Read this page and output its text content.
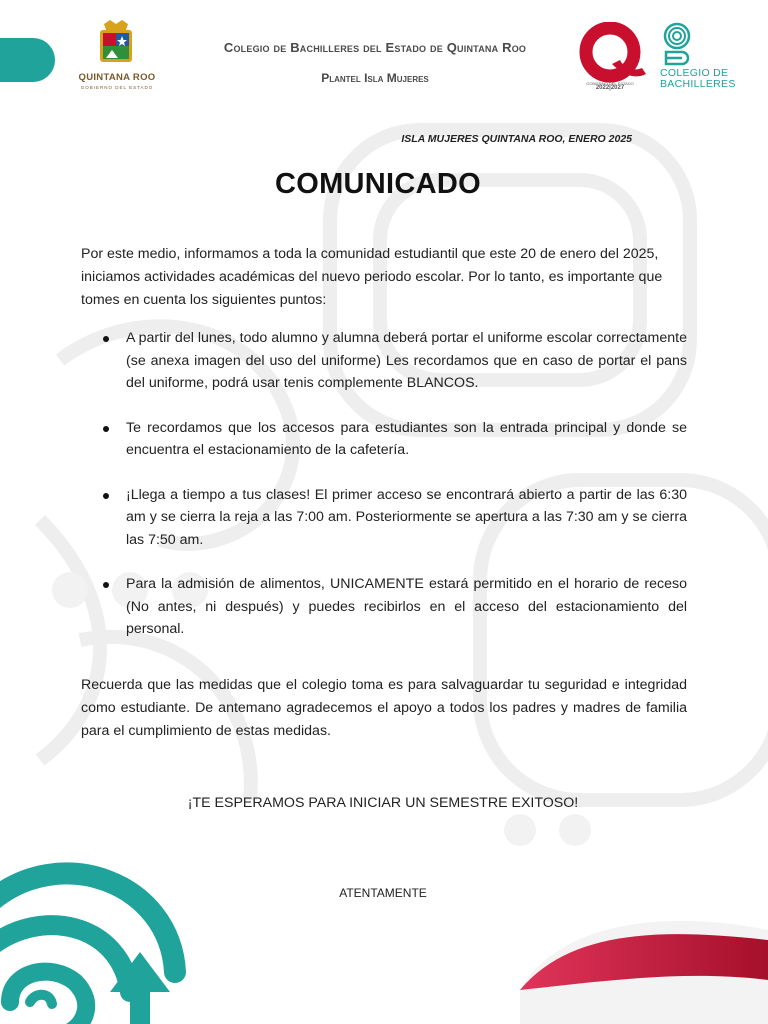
QUINTANA ROO
GOBIERNO DEL ESTADO
Colegio de Bachilleres del Estado de Quintana Roo
Plantel Isla Mujeres	GOBIERNO DEL ESTADO
2022|2027
COLEGIO DE
BACHILLERES
ISLA MUJERES QUINTANA ROO, ENERO 2025
COMUNICADO

Por este medio, informamos a toda la comunidad estudiantil que este 20 de enero del 2025, iniciamos actividades académicas del nuevo periodo escolar. Por lo tanto, es importante que tomes en cuenta los siguientes puntos:

A partir del lunes, todo alumno y alumna deberá portar el uniforme escolar correctamente (se anexa imagen del uso del uniforme) Les recordamos que en caso de portar el pans del uniforme, podrá usar tenis complemente BLANCOS.
Te recordamos que los accesos para estudiantes son la entrada principal y donde se encuentra el estacionamiento de la cafetería.
¡Llega a tiempo a tus clases! El primer acceso se encontrará abierto a partir de las 6:30 am y se cierra la reja a las 7:00 am. Posteriormente se apertura a las 7:30 am y se cierra las 7:50 am.
Para la admisión de alimentos, UNICAMENTE estará permitido en el horario de receso (No antes, ni después) y puedes recibirlos en el acceso del estacionamiento del personal.

Recuerda que las medidas que el colegio toma es para salvaguardar tu seguridad e integridad como estudiante. De antemano agradecemos el apoyo a todos los padres y madres de familia para el cumplimiento de estas medidas.

¡TE ESPERAMOS PARA INICIAR UN SEMESTRE EXITOSO!
ATENTAMENTE
